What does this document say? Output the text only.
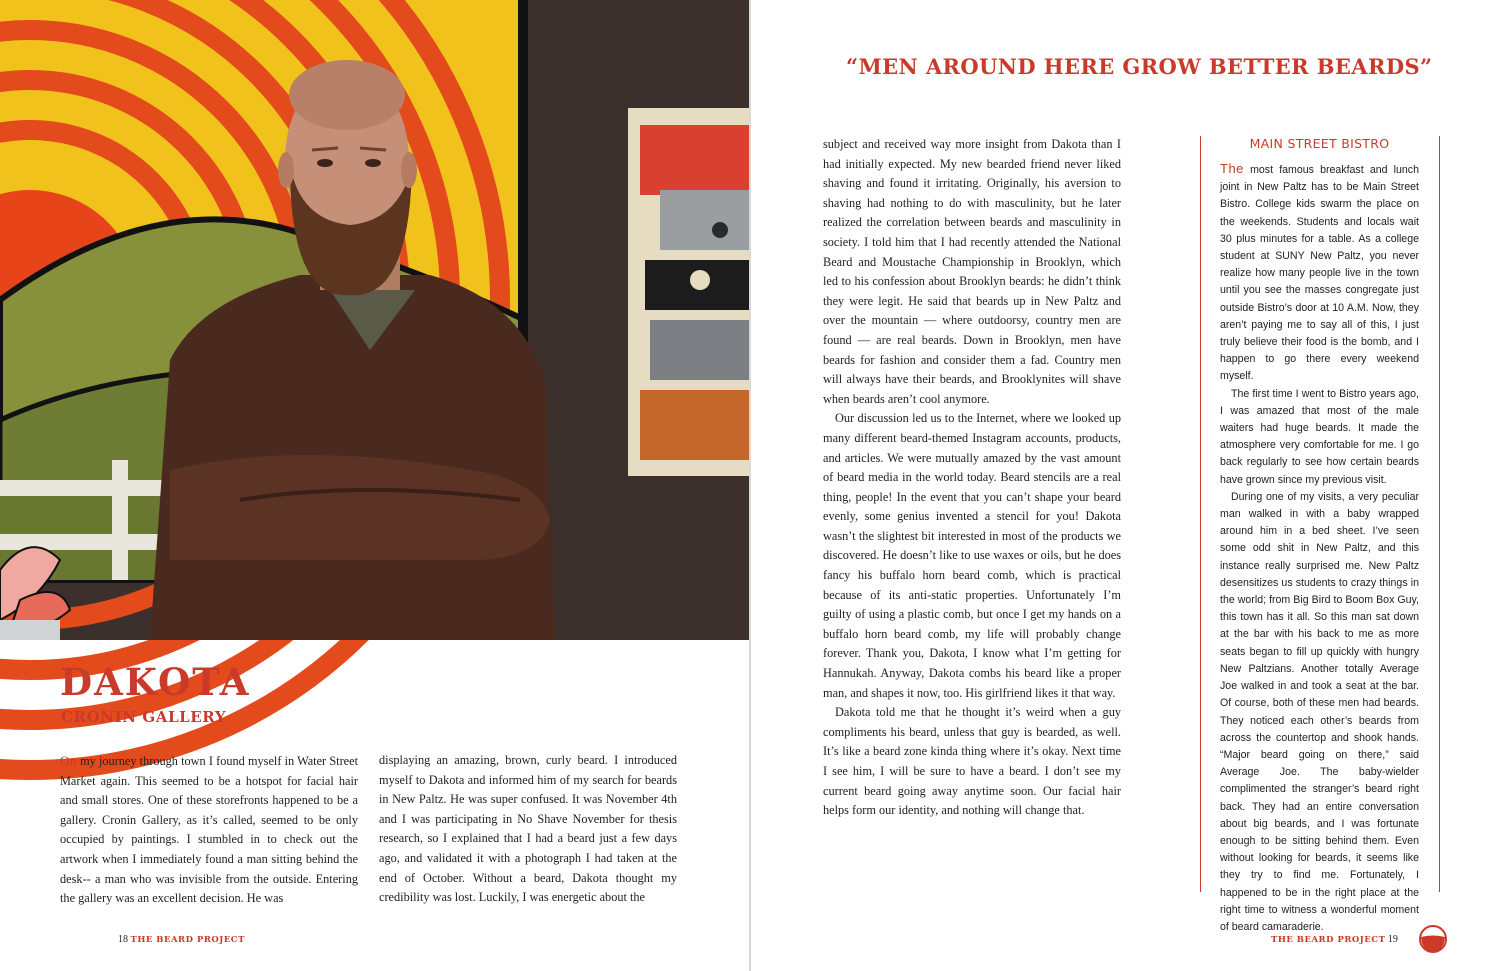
DAKOTA
CRONIN GALLERY

On my journey through town I found myself in Water Street Market again. This seemed to be a hotspot for facial hair and small stores. One of these storefronts happened to be a gallery. Cronin Gallery, as it’s called, seemed to be only occupied by paintings. I stumbled in to check out the artwork when I immediately found a man sitting behind the desk-- a man who was invisible from the outside. Entering the gallery was an excellent decision. He was

displaying an amazing, brown, curly beard. I introduced myself to Dakota and informed him of my search for beards in New Paltz. He was super confused. It was November 4th and I was participating in No Shave November for thesis research, so I explained that I had a beard just a few days ago, and validated it with a photograph I had taken at the end of October. Without a beard, Dakota thought my credibility was lost. Luckily, I was energetic about the

18 THE BEARD PROJECT
“MEN AROUND HERE GROW BETTER BEARDS”

subject and received way more insight from Dakota than I had initially expected. My new bearded friend never liked shaving and found it irritating. Originally, his aversion to shaving had nothing to do with masculinity, but he later realized the correlation between beards and masculinity in society. I told him that I had recently attended the National Beard and Moustache Championship in Brooklyn, which led to his confession about Brooklyn beards: he didn’t think they were legit. He said that beards up in New Paltz and over the mountain — where outdoorsy, country men are found — are real beards. Down in Brooklyn, men have beards for fashion and consider them a fad. Country men will always have their beards, and Brooklynites will shave when beards aren’t cool anymore.

Our discussion led us to the Internet, where we looked up many different beard-themed Instagram accounts, products, and articles. We were mutually amazed by the vast amount of beard media in the world today. Beard stencils are a real thing, people! In the event that you can’t shape your beard evenly, some genius invented a stencil for you! Dakota wasn’t the slightest bit interested in most of the products we discovered. He doesn’t like to use waxes or oils, but he does fancy his buffalo horn beard comb, which is practical because of its anti-static properties. Unfortunately I’m guilty of using a plastic comb, but once I get my hands on a buffalo horn beard comb, my life will probably change forever. Thank you, Dakota, I know what I’m getting for Hannukah. Anyway, Dakota combs his beard like a proper man, and shapes it now, too. His girlfriend likes it that way.

Dakota told me that he thought it’s weird when a guy compliments his beard, unless that guy is bearded, as well. It’s like a beard zone kinda thing where it’s okay. Next time I see him, I will be sure to have a beard. I don’t see my current beard going away anytime soon. Our facial hair helps form our identity, and nothing will change that.

MAIN STREET BISTRO

The most famous breakfast and lunch joint in New Paltz has to be Main Street Bistro. College kids swarm the place on the weekends. Students and locals wait 30 plus minutes for a table. As a college student at SUNY New Paltz, you never realize how many people live in the town until you see the masses congregate just outside Bistro’s door at 10 A.M. Now, they aren’t paying me to say all of this, I just truly believe their food is the bomb, and I happen to go there every weekend myself.

The first time I went to Bistro years ago, I was amazed that most of the male waiters had huge beards. It made the atmosphere very comfortable for me. I go back regularly to see how certain beards have grown since my previous visit.

During one of my visits, a very peculiar man walked in with a baby wrapped around him in a bed sheet. I’ve seen some odd shit in New Paltz, and this instance really surprised me. New Paltz desensitizes us students to crazy things in the world; from Big Bird to Boom Box Guy, this town has it all. So this man sat down at the bar with his back to me as more seats began to fill up quickly with hungry New Paltzians. Another totally Average Joe walked in and took a seat at the bar. Of course, both of these men had beards. They noticed each other’s beards from across the countertop and shook hands. “Major beard going on there,” said Average Joe. The baby-wielder complimented the stranger’s beard right back. They had an entire conversation about big beards, and I was fortunate enough to be sitting behind them. Even without looking for beards, it seems like they try to find me. Fortunately, I happened to be in the right place at the right time to witness a wonderful moment of beard camaraderie.

THE BEARD PROJECT 19
